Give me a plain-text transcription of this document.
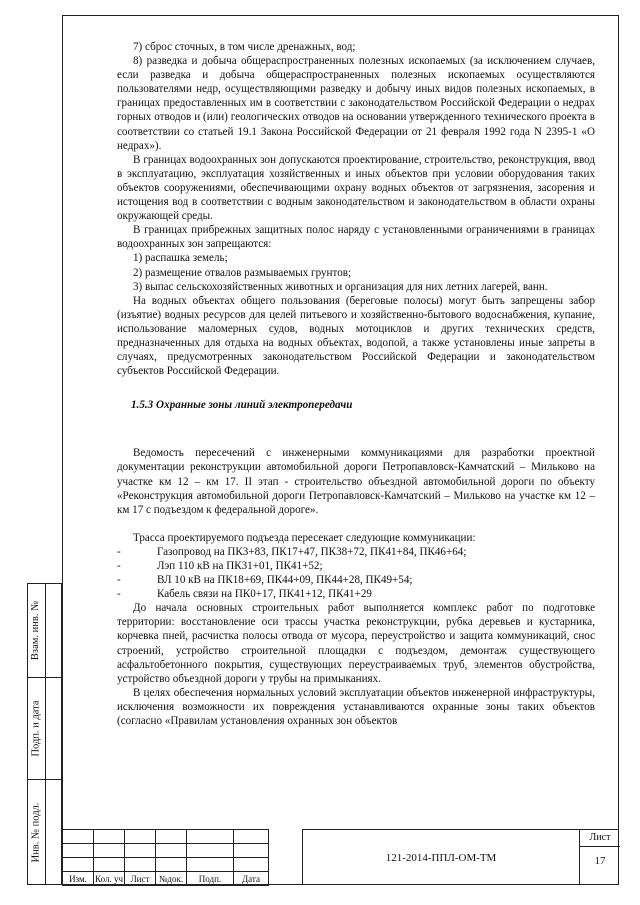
7) сброс сточных, в том числе дренажных, вод;

8) разведка и добыча общераспространенных полезных ископаемых (за исключением случаев, если разведка и добыча общераспространенных полезных ископаемых осуществляются пользователями недр, осуществляющими разведку и добычу иных видов полезных ископаемых, в границах предоставленных им в соответствии с законодательством Российской Федерации о недрах горных отводов и (или) геологических отводов на основании утвержденного технического проекта в соответствии со статьей 19.1 Закона Российской Федерации от 21 февраля 1992 года N 2395-1 «О недрах»).

В границах водоохранных зон допускаются проектирование, строительство, реконструкция, ввод в эксплуатацию, эксплуатация хозяйственных и иных объектов при условии оборудования таких объектов сооружениями, обеспечивающими охрану водных объектов от загрязнения, засорения и истощения вод в соответствии с водным законодательством и законодательством в области охраны окружающей среды.

В границах прибрежных защитных полос наряду с установленными ограничениями в границах водоохранных зон запрещаются:

1) распашка земель;

2) размещение отвалов размываемых грунтов;

3) выпас сельскохозяйственных животных и организация для них летних лагерей, ванн.

На водных объектах общего пользования (береговые полосы) могут быть запрещены забор (изъятие) водных ресурсов для целей питьевого и хозяйственно-бытового водоснабжения, купание, использование маломерных судов, водных мотоциклов и других технических средств, предназначенных для отдыха на водных объектах, водопой, а также установлены иные запреты в случаях, предусмотренных законодательством Российской Федерации и законодательством субъектов Российской Федерации.

1.5.3 Охранные зоны линий электропередачи

Ведомость пересечений с инженерными коммуникациями для разработки проектной документации реконструкции автомобильной дороги Петропавловск-Камчатский – Мильково на участке км 12 – км 17. II этап - строительство объездной автомобильной дороги по объекту «Реконструкция автомобильной дороги Петропавловск-Камчатский – Мильково на участке км 12 – км 17 с подъездом к федеральной дороге».

Трасса проектируемого подъезда пересекает следующие коммуникации:

-	Газопровод на ПК3+83, ПК17+47, ПК38+72, ПК41+84, ПК46+64;

-	Лэп 110 кВ на ПК31+01, ПК41+52;

-	ВЛ 10 кВ на ПК18+69, ПК44+09, ПК44+28, ПК49+54;

-	Кабель связи на ПК0+17, ПК41+12, ПК41+29

До начала основных строительных работ выполняется комплекс работ по подготовке территории: восстановление оси трассы участка реконструкции, рубка деревьев и кустарника, корчевка пней, расчистка полосы отвода от мусора, переустройство и защита коммуникаций, снос строений, устройство строительной площадки с подъездом, демонтаж существующего асфальтобетонного покрытия, существующих переустраиваемых труб, элементов обустройства, устройство объездной дороги у трубы на примыканиях.

В целях обеспечения нормальных условий эксплуатации объектов инженерной инфраструктуры, исключения возможности их повреждения устанавливаются охранные зоны таких объектов (согласно «Правилам установления охранных зон объектов

Взам. инв. №
Подп. и дата
Инв. № подл.

Изм.	Кол. уч	Лист	№док.	Подп.	Дата
121-2014-ППЛ-ОМ-ТМ
Лист
17
